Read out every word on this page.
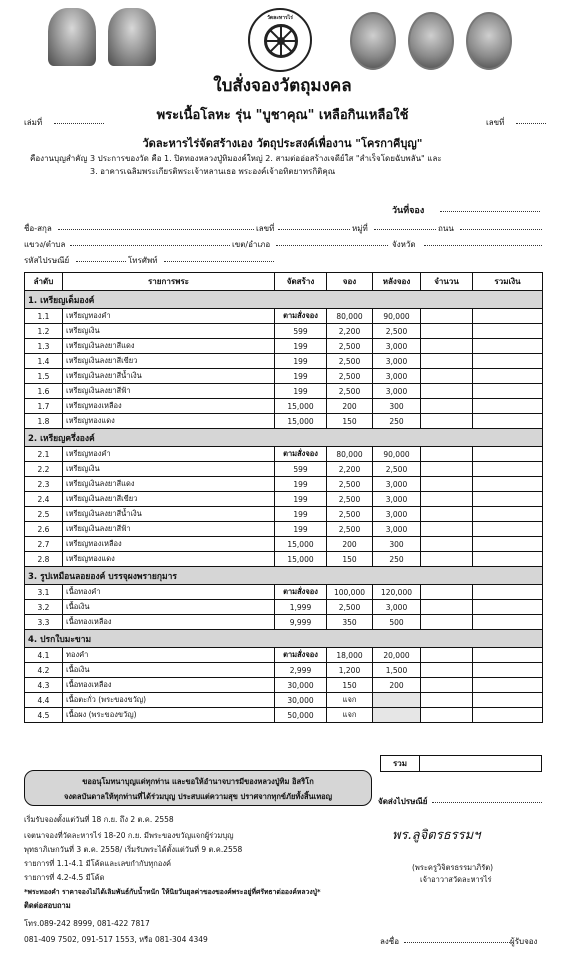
วัดละหารไร่
ใบสั่งจองวัตถุมงคล
เล่มที่	พระเนื้อโลหะ รุ่น "บูชาคุณ" เหลือกินเหลือใช้	เลขที่
วัดละหารไร่จัดสร้างเอง วัตถุประสงค์เพื่องาน "โครกาคีบุญ"
คืองานบุญสำคัญ 3 ประการของวัด คือ 1. ปิดทองหลวงปู่ทิมองค์ใหญ่ 2. สามต่ออ่อสร้างเจดีย์ใส "สำเร็จโดยฉับพลัน" และ
3. อาคารเฉลิมพระเกียรติพระเจ้าหลานเธอ พระองค์เจ้าอทิตยาทรกิติคุณ
วันที่จอง
ชื่อ-สกุล	เลขที่	หมู่ที่	ถนน
แขวง/ตำบล	เขต/อำเภอ	จังหวัด
รหัสไปรษณีย์	โทรศัพท์
ลำดับ	รายการพระ	จัดสร้าง	จอง	หลังจอง	จำนวน	รวมเงิน
1. เหรียญเต็มองค์						
1.1	เหรียญทองคำ	ตามสั่งจอง	80,000	90,000		
1.2	เหรียญเงิน	599	2,200	2,500		
1.3	เหรียญเงินลงยาสีแดง	199	2,500	3,000		
1.4	เหรียญเงินลงยาสีเขียว	199	2,500	3,000		
1.5	เหรียญเงินลงยาสีน้ำเงิน	199	2,500	3,000		
1.6	เหรียญเงินลงยาสีฟ้า	199	2,500	3,000		
1.7	เหรียญทองเหลือง	15,000	200	300		
1.8	เหรียญทองแดง	15,000	150	250		
2. เหรียญครึ่งองค์						
2.1	เหรียญทองคำ	ตามสั่งจอง	80,000	90,000		
2.2	เหรียญเงิน	599	2,200	2,500		
2.3	เหรียญเงินลงยาสีแดง	199	2,500	3,000		
2.4	เหรียญเงินลงยาสีเขียว	199	2,500	3,000		
2.5	เหรียญเงินลงยาสีน้ำเงิน	199	2,500	3,000		
2.6	เหรียญเงินลงยาสีฟ้า	199	2,500	3,000		
2.7	เหรียญทองเหลือง	15,000	200	300		
2.8	เหรียญทองแดง	15,000	150	250		
3. รูปเหมือนลอยองค์ บรรจุผงพรายกุมาร						
3.1	เนื้อทองคำ	ตามสั่งจอง	100,000	120,000		
3.2	เนื้อเงิน	1,999	2,500	3,000		
3.3	เนื้อทองเหลือง	9,999	350	500		
4. ปรกใบมะขาม						
4.1	ทองคำ	ตามสั่งจอง	18,000	20,000		
4.2	เนื้อเงิน	2,999	1,200	1,500		
4.3	เนื้อทองเหลือง	30,000	150	200		
4.4	เนื้อตะกั่ว (พระของขวัญ)	30,000	แจก			
4.5	เนื้อผง (พระของขวัญ)	50,000	แจก			
รวม
ขออนุโมทนาบุญแด่ทุกท่าน และขอให้อำนาจบารมีของหลวงปู่ทิม อิสริโก
จงดลบันดาลให้ทุกท่านที่ได้ร่วมบุญ ประสบแต่ความสุข ปราศจากทุกข์ภัยทั้งสิ้นเทอญ
จัดส่งไปรษณีย์
เริ่มรับจองตั้งแต่วันที่ 18 ก.ย. ถึง 2 ต.ค. 2558
เจตนาจองที่วัดละหารไร่ 18-20 ก.ย. มีพระของขวัญแจกผู้ร่วมบุญ
พุทธาภิเษกวันที่ 3 ต.ค. 2558/ เริ่มรับพระได้ตั้งแต่วันที่ 9 ต.ค.2558
รายการที่ 1.1-4.1 มีโค้ดและเลขกำกับทุกองค์
รายการที่ 4.2-4.5 มีโค้ด
*พระทองคำ ราคาจองไม่ได้เลิมพันธ์กับน้ำหนัก ให้นิยวันยุลค่าของของค์พระอยู่ที่ศรัทธาต่อองค์หลวงปู่*
ติดต่อสอบถาม
โทร.089-242 8999, 081-422 7817
081-409 7502, 091-517 1553, หรือ 081-304 4349
พร.ลูจิตรธรรมฯ
(พระครูวิจิตรธรรมาภิรัต)
เจ้าอาวาสวัดละหารไร่
ลงชื่อ	ผู้รับจอง
